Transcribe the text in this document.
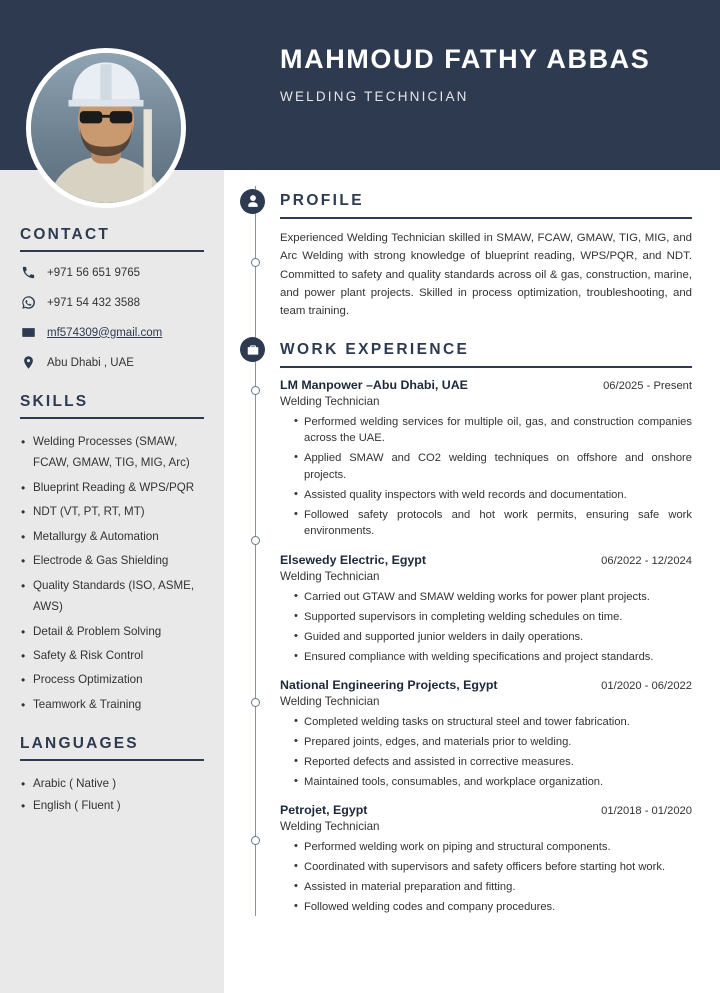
CONTACT
+971 56 651 9765
+971 54 432 3588
mf574309@gmail.com
Abu Dhabi , UAE
SKILLS
• Welding Processes (SMAW, FCAW, GMAW, TIG, MIG, Arc)
• Blueprint Reading & WPS/PQR
• NDT (VT, PT, RT, MT)
• Metallurgy & Automation
• Electrode & Gas Shielding
• Quality Standards (ISO, ASME, AWS)
• Detail & Problem Solving
• Safety & Risk Control
• Process Optimization
• Teamwork & Training
LANGUAGES
• Arabic ( Native )
• English ( Fluent )
MAHMOUD FATHY ABBAS
WELDING TECHNICIAN
PROFILE

Experienced Welding Technician skilled in SMAW, FCAW, GMAW, TIG, MIG, and Arc Welding with strong knowledge of blueprint reading, WPS/PQR, and NDT. Committed to safety and quality standards across oil & gas, construction, marine, and power plant projects. Skilled in process optimization, troubleshooting, and team training.

WORK EXPERIENCE
LM Manpower –Abu Dhabi, UAE	06/2025 - Present
Welding Technician
• Performed welding services for multiple oil, gas, and construction companies across the UAE.
• Applied SMAW and CO2 welding techniques on offshore and onshore projects.
• Assisted quality inspectors with weld records and documentation.
• Followed safety protocols and hot work permits, ensuring safe work environments.
Elsewedy Electric, Egypt	06/2022 - 12/2024
Welding Technician
• Carried out GTAW and SMAW welding works for power plant projects.
• Supported supervisors in completing welding schedules on time.
• Guided and supported junior welders in daily operations.
• Ensured compliance with welding specifications and project standards.
National Engineering Projects, Egypt	01/2020 - 06/2022
Welding Technician
• Completed welding tasks on structural steel and tower fabrication.
• Prepared joints, edges, and materials prior to welding.
• Reported defects and assisted in corrective measures.
• Maintained tools, consumables, and workplace organization.
Petrojet, Egypt	01/2018 - 01/2020
Welding Technician
• Performed welding work on piping and structural components.
• Coordinated with supervisors and safety officers before starting hot work.
• Assisted in material preparation and fitting.
• Followed welding codes and company procedures.
